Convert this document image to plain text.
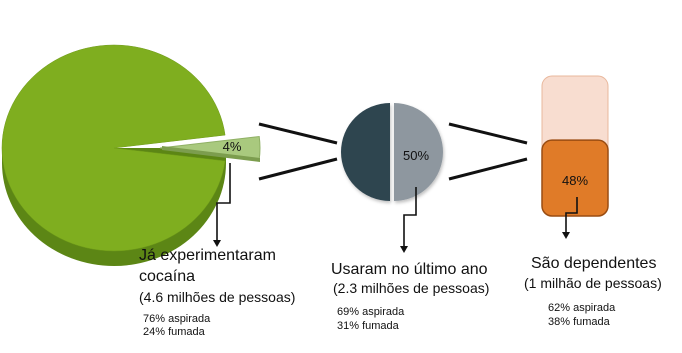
4%
50%
48%
Já experimentaram
cocaína
(4.6 milhões de pessoas)
76% aspirada
24% fumada
Usaram no último ano
(2.3 milhões de pessoas)
69% aspirada
31% fumada
São dependentes
(1 milhão de pessoas)
62% aspirada
38% fumada
